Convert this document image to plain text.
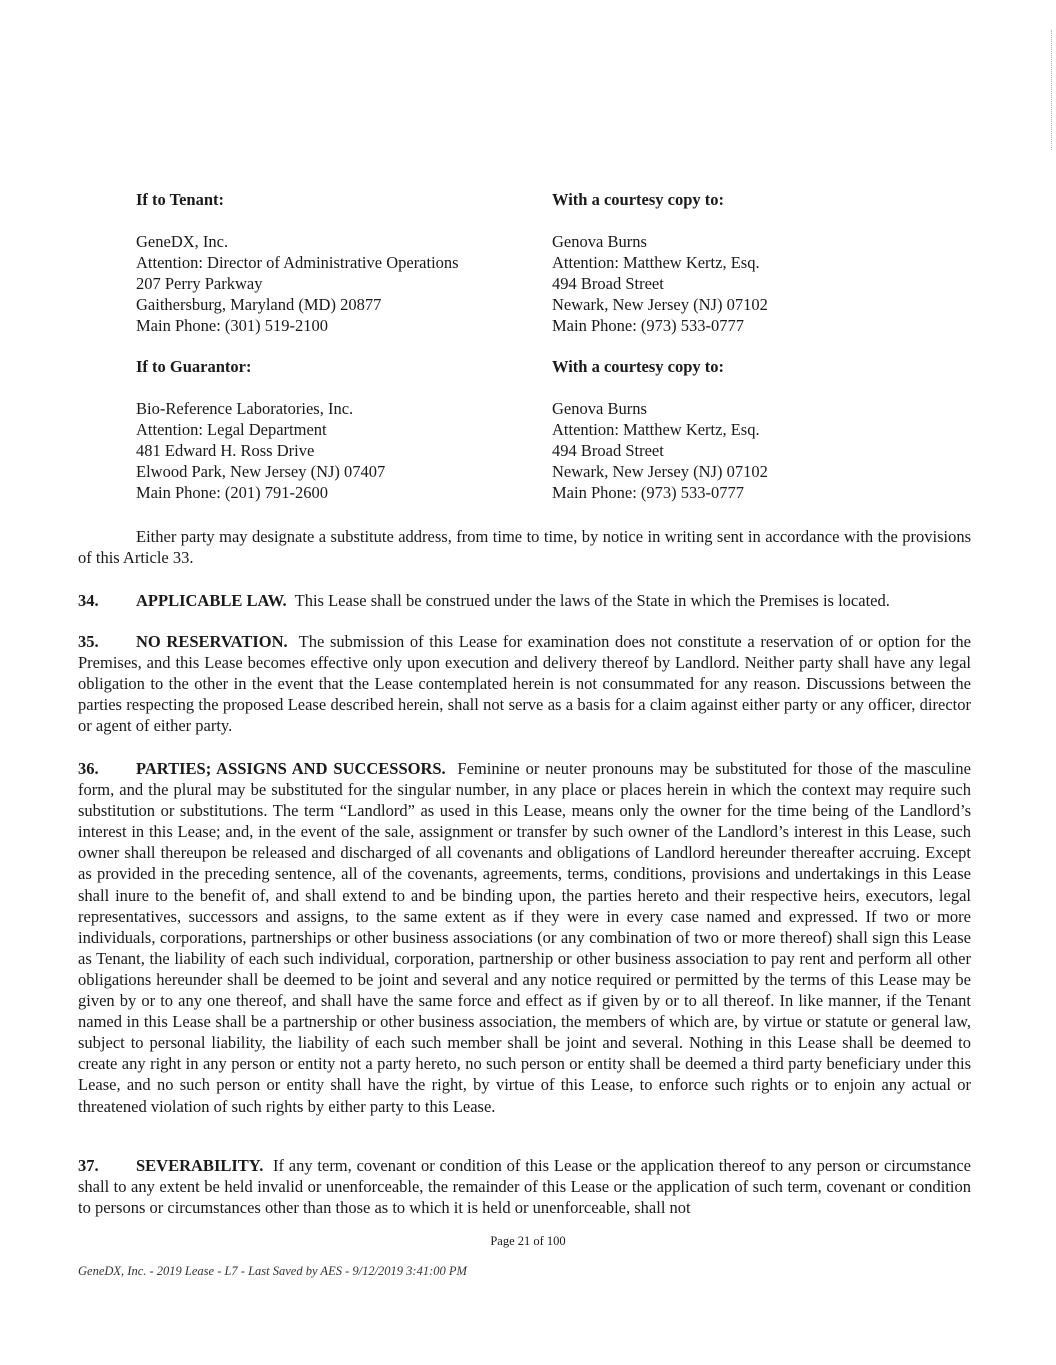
If to Tenant:

GeneDX, Inc.
Attention: Director of Administrative Operations
207 Perry Parkway
Gaithersburg, Maryland (MD) 20877
Main Phone: (301) 519-2100

With a courtesy copy to:

Genova Burns
Attention: Matthew Kertz, Esq.
494 Broad Street
Newark, New Jersey (NJ) 07102
Main Phone: (973) 533-0777

If to Guarantor:

Bio-Reference Laboratories, Inc.
Attention: Legal Department
481 Edward H. Ross Drive
Elwood Park, New Jersey (NJ) 07407
Main Phone: (201) 791-2600

With a courtesy copy to:

Genova Burns
Attention: Matthew Kertz, Esq.
494 Broad Street
Newark, New Jersey (NJ) 07102
Main Phone: (973) 533-0777

Either party may designate a substitute address, from time to time, by notice in writing sent in accordance with the provisions of this Article 33.

34. APPLICABLE LAW. This Lease shall be construed under the laws of the State in which the Premises is located.

35. NO RESERVATION. The submission of this Lease for examination does not constitute a reservation of or option for the Premises, and this Lease becomes effective only upon execution and delivery thereof by Landlord. Neither party shall have any legal obligation to the other in the event that the Lease contemplated herein is not consummated for any reason. Discussions between the parties respecting the proposed Lease described herein, shall not serve as a basis for a claim against either party or any officer, director or agent of either party.

36. PARTIES; ASSIGNS AND SUCCESSORS. Feminine or neuter pronouns may be substituted for those of the masculine form, and the plural may be substituted for the singular number, in any place or places herein in which the context may require such substitution or substitutions. The term “Landlord” as used in this Lease, means only the owner for the time being of the Landlord’s interest in this Lease; and, in the event of the sale, assignment or transfer by such owner of the Landlord’s interest in this Lease, such owner shall thereupon be released and discharged of all covenants and obligations of Landlord hereunder thereafter accruing. Except as provided in the preceding sentence, all of the covenants, agreements, terms, conditions, provisions and undertakings in this Lease shall inure to the benefit of, and shall extend to and be binding upon, the parties hereto and their respective heirs, executors, legal representatives, successors and assigns, to the same extent as if they were in every case named and expressed. If two or more individuals, corporations, partnerships or other business associations (or any combination of two or more thereof) shall sign this Lease as Tenant, the liability of each such individual, corporation, partnership or other business association to pay rent and perform all other obligations hereunder shall be deemed to be joint and several and any notice required or permitted by the terms of this Lease may be given by or to any one thereof, and shall have the same force and effect as if given by or to all thereof. In like manner, if the Tenant named in this Lease shall be a partnership or other business association, the members of which are, by virtue or statute or general law, subject to personal liability, the liability of each such member shall be joint and several. Nothing in this Lease shall be deemed to create any right in any person or entity not a party hereto, no such person or entity shall be deemed a third party beneficiary under this Lease, and no such person or entity shall have the right, by virtue of this Lease, to enforce such rights or to enjoin any actual or threatened violation of such rights by either party to this Lease.

37. SEVERABILITY. If any term, covenant or condition of this Lease or the application thereof to any person or circumstance shall to any extent be held invalid or unenforceable, the remainder of this Lease or the application of such term, covenant or condition to persons or circumstances other than those as to which it is held or unenforceable, shall not

Page 21 of 100
GeneDX, Inc. - 2019 Lease - L7 - Last Saved by AES - 9/12/2019 3:41:00 PM
